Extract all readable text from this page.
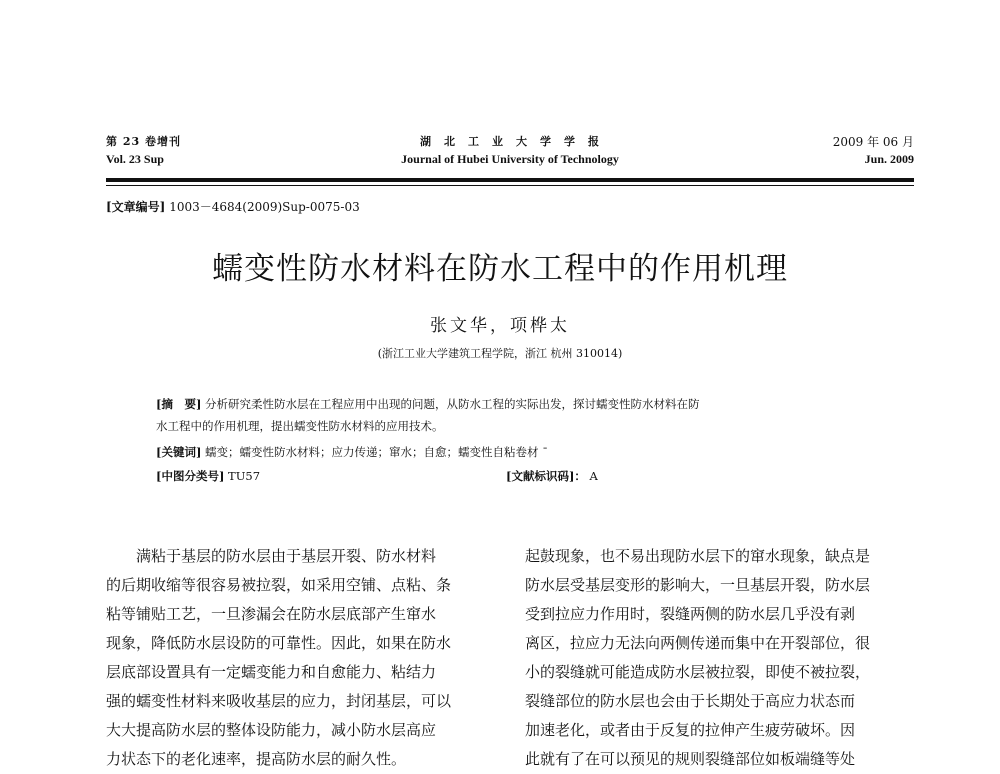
第 23 卷增刊
Vol. 23 Sup
湖　北　工　业　大　学　学　报
Journal of Hubei University of Technology
2009 年 06 月
Jun. 2009
[文章编号] 1003－4684(2009)Sup-0075-03
蠕变性防水材料在防水工程中的作用机理
张文华，项桦太
(浙江工业大学建筑工程学院，浙江 杭州 310014)
[摘　要] 分析研究柔性防水层在工程应用中出现的问题，从防水工程的实际出发，探讨蠕变性防水材料在防
水工程中的作用机理，提出蠕变性防水材料的应用技术。
[关键词] 蠕变；蠕变性防水材料；应力传递；窜水；自愈；蠕变性自粘卷材 ˉ
[中图分类号] TU57	[文献标识码]： A

　　满粘于基层的防水层由于基层开裂、防水材料

的后期收缩等很容易被拉裂，如采用空铺、点粘、条

粘等铺贴工艺，一旦渗漏会在防水层底部产生窜水

现象，降低防水层设防的可靠性。因此，如果在防水

层底部设置具有一定蠕变能力和自愈能力、粘结力

强的蠕变性材料来吸收基层的应力，封闭基层，可以

大大提高防水层的整体设防能力，减小防水层高应

力状态下的老化速率，提高防水层的耐久性。

起鼓现象，也不易出现防水层下的窜水现象，缺点是

防水层受基层变形的影响大，一旦基层开裂，防水层

受到拉应力作用时，裂缝两侧的防水层几乎没有剥

离区，拉应力无法向两侧传递而集中在开裂部位，很

小的裂缝就可能造成防水层被拉裂，即使不被拉裂，

裂缝部位的防水层也会由于长期处于高应力状态而

加速老化，或者由于反复的拉伸产生疲劳破坏。因

此就有了在可以预见的规则裂缝部位如板端缝等处
